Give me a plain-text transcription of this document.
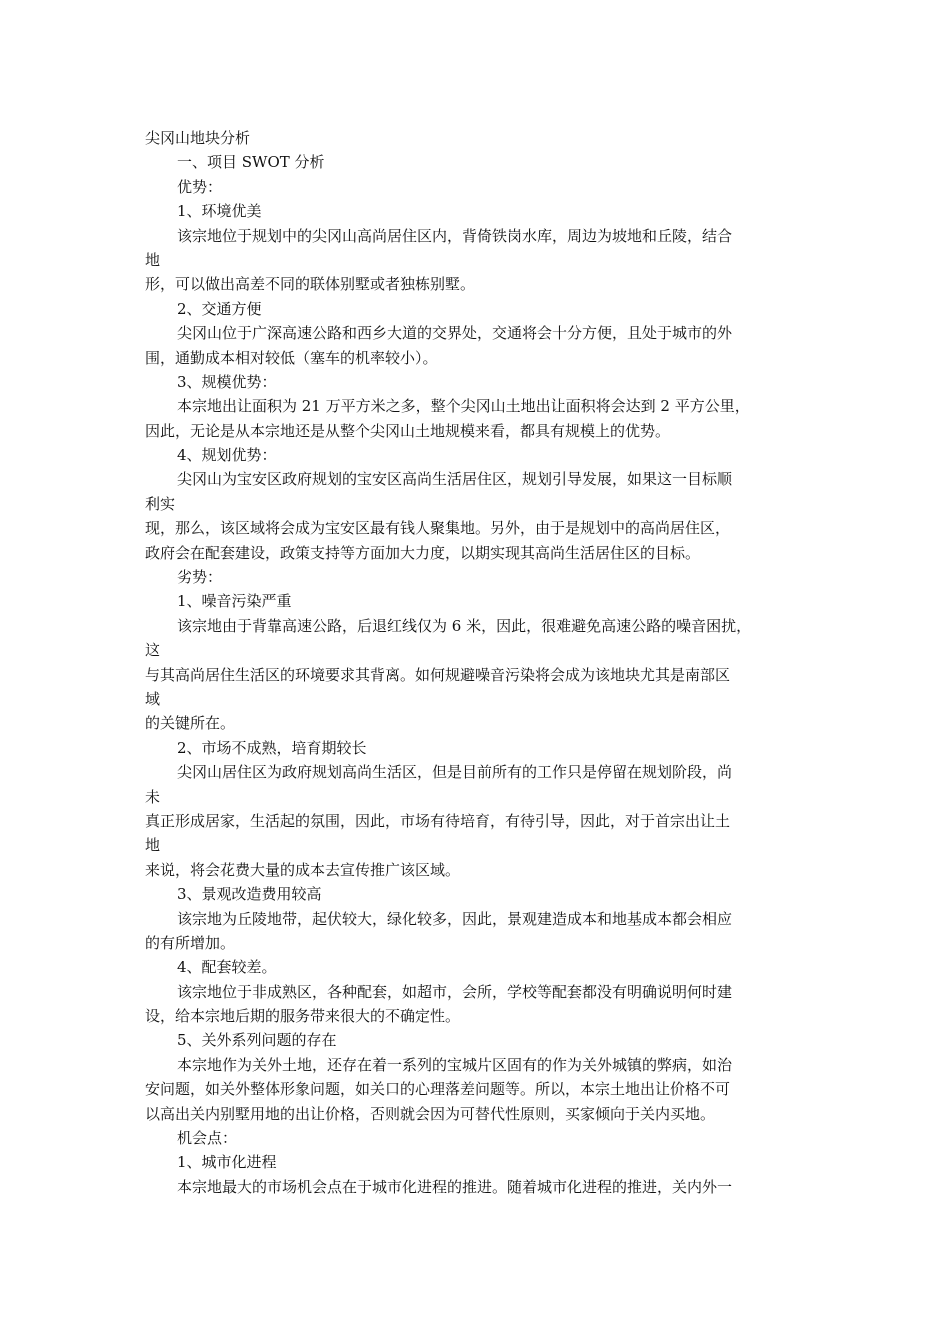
尖冈山地块分析
一、项目 SWOT 分析
优势：
1、环境优美
该宗地位于规划中的尖冈山高尚居住区内，背倚铁岗水库，周边为坡地和丘陵，结合
地
形，可以做出高差不同的联体别墅或者独栋别墅。
2、交通方便
尖冈山位于广深高速公路和西乡大道的交界处，交通将会十分方便，且处于城市的外
围，通勤成本相对较低（塞车的机率较小）。
3、规模优势：
本宗地出让面积为 21 万平方米之多，整个尖冈山土地出让面积将会达到 2 平方公里，
因此，无论是从本宗地还是从整个尖冈山土地规模来看，都具有规模上的优势。
4、规划优势：
尖冈山为宝安区政府规划的宝安区高尚生活居住区，规划引导发展，如果这一目标顺
利实
现，那么，该区域将会成为宝安区最有钱人聚集地。另外，由于是规划中的高尚居住区，
政府会在配套建设，政策支持等方面加大力度，以期实现其高尚生活居住区的目标。
劣势：
1、噪音污染严重
该宗地由于背靠高速公路，后退红线仅为 6 米，因此，很难避免高速公路的噪音困扰，
这
与其高尚居住生活区的环境要求其背离。如何规避噪音污染将会成为该地块尤其是南部区
域
的关键所在。
2、市场不成熟，培育期较长
尖冈山居住区为政府规划高尚生活区，但是目前所有的工作只是停留在规划阶段，尚
未
真正形成居家，生活起的氛围，因此，市场有待培育，有待引导，因此，对于首宗出让土
地
来说，将会花费大量的成本去宣传推广该区域。
3、景观改造费用较高
该宗地为丘陵地带，起伏较大，绿化较多，因此，景观建造成本和地基成本都会相应
的有所增加。
4、配套较差。
该宗地位于非成熟区，各种配套，如超市，会所，学校等配套都没有明确说明何时建
设，给本宗地后期的服务带来很大的不确定性。
5、关外系列问题的存在
本宗地作为关外土地，还存在着一系列的宝城片区固有的作为关外城镇的弊病，如治
安问题，如关外整体形象问题，如关口的心理落差问题等。所以，本宗土地出让价格不可
以高出关内别墅用地的出让价格，否则就会因为可替代性原则，买家倾向于关内买地。
机会点：
1、城市化进程
本宗地最大的市场机会点在于城市化进程的推进。随着城市化进程的推进，关内外一
